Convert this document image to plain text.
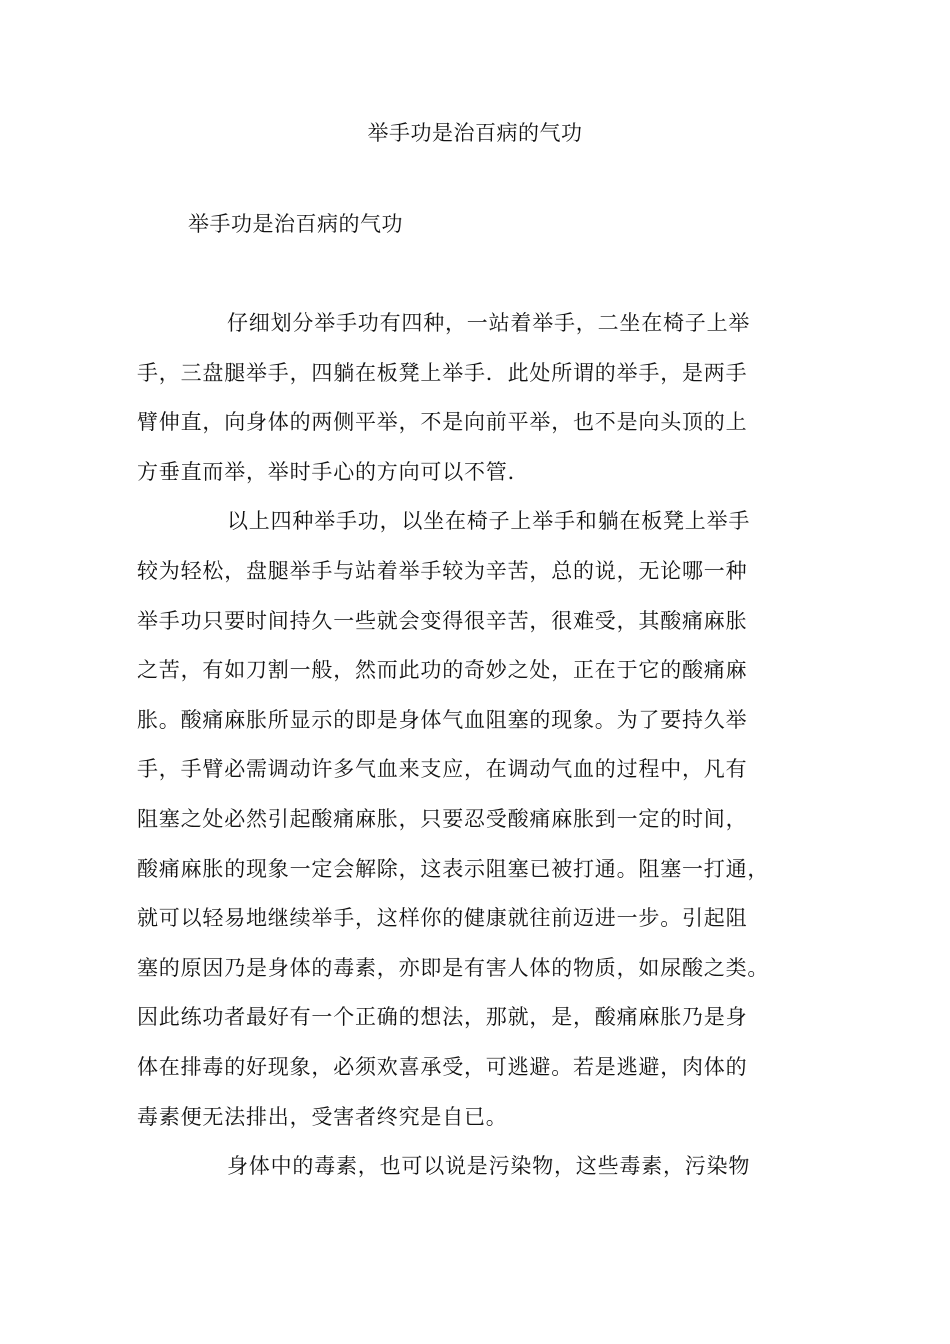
举手功是治百病的气功
举手功是治百病的气功
仔细划分举手功有四种，一站着举手，二坐在椅子上举
手，三盘腿举手，四躺在板凳上举手．此处所谓的举手，是两手
臂伸直，向身体的两侧平举，不是向前平举，也不是向头顶的上
方垂直而举，举时手心的方向可以不管．
以上四种举手功，以坐在椅子上举手和躺在板凳上举手
较为轻松，盘腿举手与站着举手较为辛苦，总的说，无论哪一种
举手功只要时间持久一些就会变得很辛苦，很难受，其酸痛麻胀
之苦，有如刀割一般，然而此功的奇妙之处，正在于它的酸痛麻
胀。酸痛麻胀所显示的即是身体气血阻塞的现象。为了要持久举
手，手臂必需调动许多气血来支应，在调动气血的过程中，凡有
阻塞之处必然引起酸痛麻胀，只要忍受酸痛麻胀到一定的时间，
酸痛麻胀的现象一定会解除，这表示阻塞已被打通。阻塞一打通，
就可以轻易地继续举手，这样你的健康就往前迈进一步。引起阻
塞的原因乃是身体的毒素，亦即是有害人体的物质，如尿酸之类。
因此练功者最好有一个正确的想法，那就，是，酸痛麻胀乃是身
体在排毒的好现象，必须欢喜承受，可逃避。若是逃避，肉体的
毒素便无法排出，受害者终究是自已。
身体中的毒素，也可以说是污染物，这些毒素，污染物
